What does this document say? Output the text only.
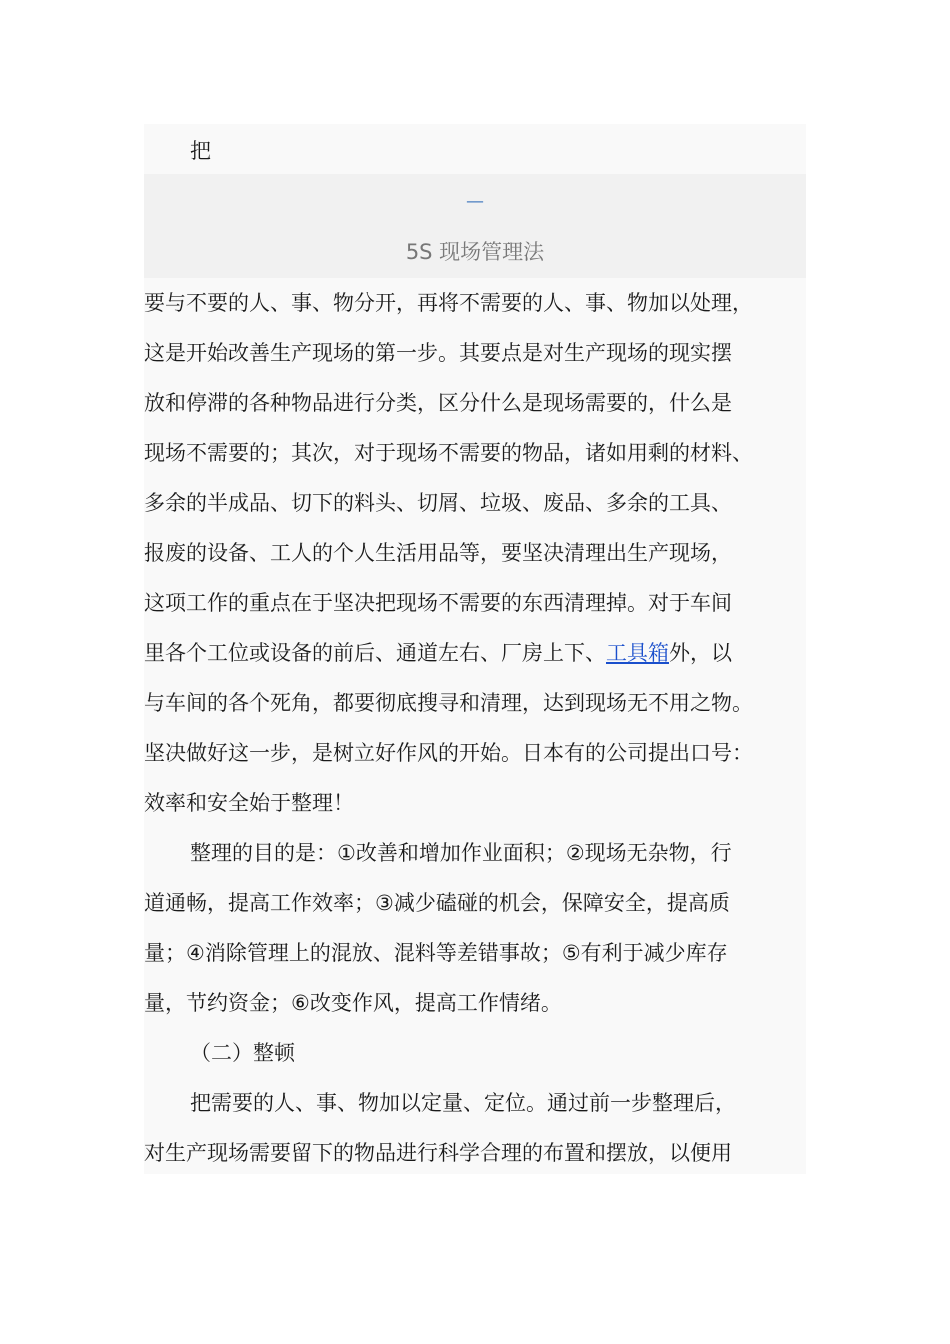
把
—
5S 现场管理法
要与不要的人、事、物分开，再将不需要的人、事、物加以处理，
这是开始改善生产现场的第一步。其要点是对生产现场的现实摆
放和停滞的各种物品进行分类，区分什么是现场需要的，什么是
现场不需要的；其次，对于现场不需要的物品，诸如用剩的材料、
多余的半成品、切下的料头、切屑、垃圾、废品、多余的工具、
报废的设备、工人的个人生活用品等，要坚决清理出生产现场，
这项工作的重点在于坚决把现场不需要的东西清理掉。对于车间
里各个工位或设备的前后、通道左右、厂房上下、工具箱外，以
与车间的各个死角，都要彻底搜寻和清理，达到现场无不用之物。
坚决做好这一步，是树立好作风的开始。日本有的公司提出口号：
效率和安全始于整理！
整理的目的是：①改善和增加作业面积；②现场无杂物，行
道通畅，提高工作效率；③减少磕碰的机会，保障安全，提高质
量；④消除管理上的混放、混料等差错事故；⑤有利于减少库存
量，节约资金；⑥改变作风，提高工作情绪。
（二）整顿
把需要的人、事、物加以定量、定位。通过前一步整理后，
对生产现场需要留下的物品进行科学合理的布置和摆放，以便用
